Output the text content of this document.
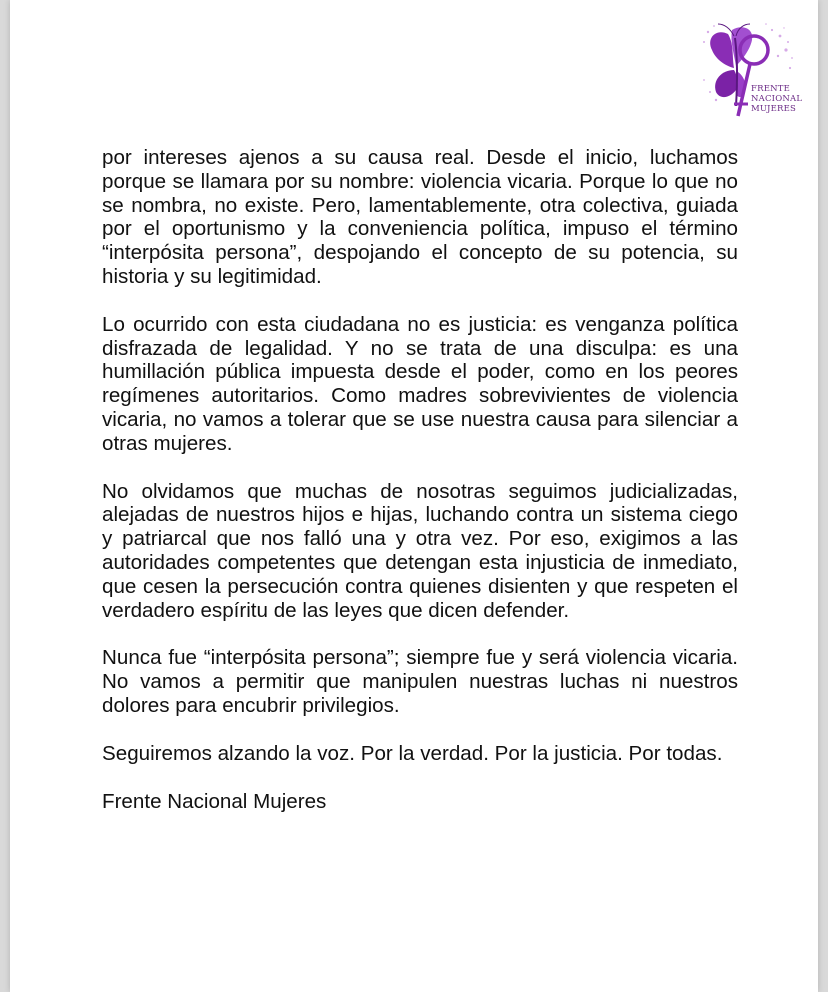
FRENTE
NACIONAL
MUJERES

por intereses ajenos a su causa real. Desde el inicio, luchamos porque se llamara por su nombre: violencia vicaria. Porque lo que no se nombra, no existe. Pero, lamentablemente, otra colectiva, guiada por el oportunismo y la conveniencia política, impuso el término “interpósita persona”, despojando el concepto de su potencia, su historia y su legitimidad.

Lo ocurrido con esta ciudadana no es justicia: es venganza política disfrazada de legalidad. Y no se trata de una disculpa: es una humillación pública impuesta desde el poder, como en los peores regímenes autoritarios. Como madres sobrevivientes de violencia vicaria, no vamos a tolerar que se use nuestra causa para silenciar a otras mujeres.

No olvidamos que muchas de nosotras seguimos judicializadas, alejadas de nuestros hijos e hijas, luchando contra un sistema ciego y patriarcal que nos falló una y otra vez. Por eso, exigimos a las autoridades competentes que detengan esta injusticia de inmediato, que cesen la persecución contra quienes disienten y que respeten el verdadero espíritu de las leyes que dicen defender.

Nunca fue “interpósita persona”; siempre fue y será violencia vicaria. No vamos a permitir que manipulen nuestras luchas ni nuestros dolores para encubrir privilegios.

Seguiremos alzando la voz. Por la verdad. Por la justicia. Por todas.

Frente Nacional Mujeres
